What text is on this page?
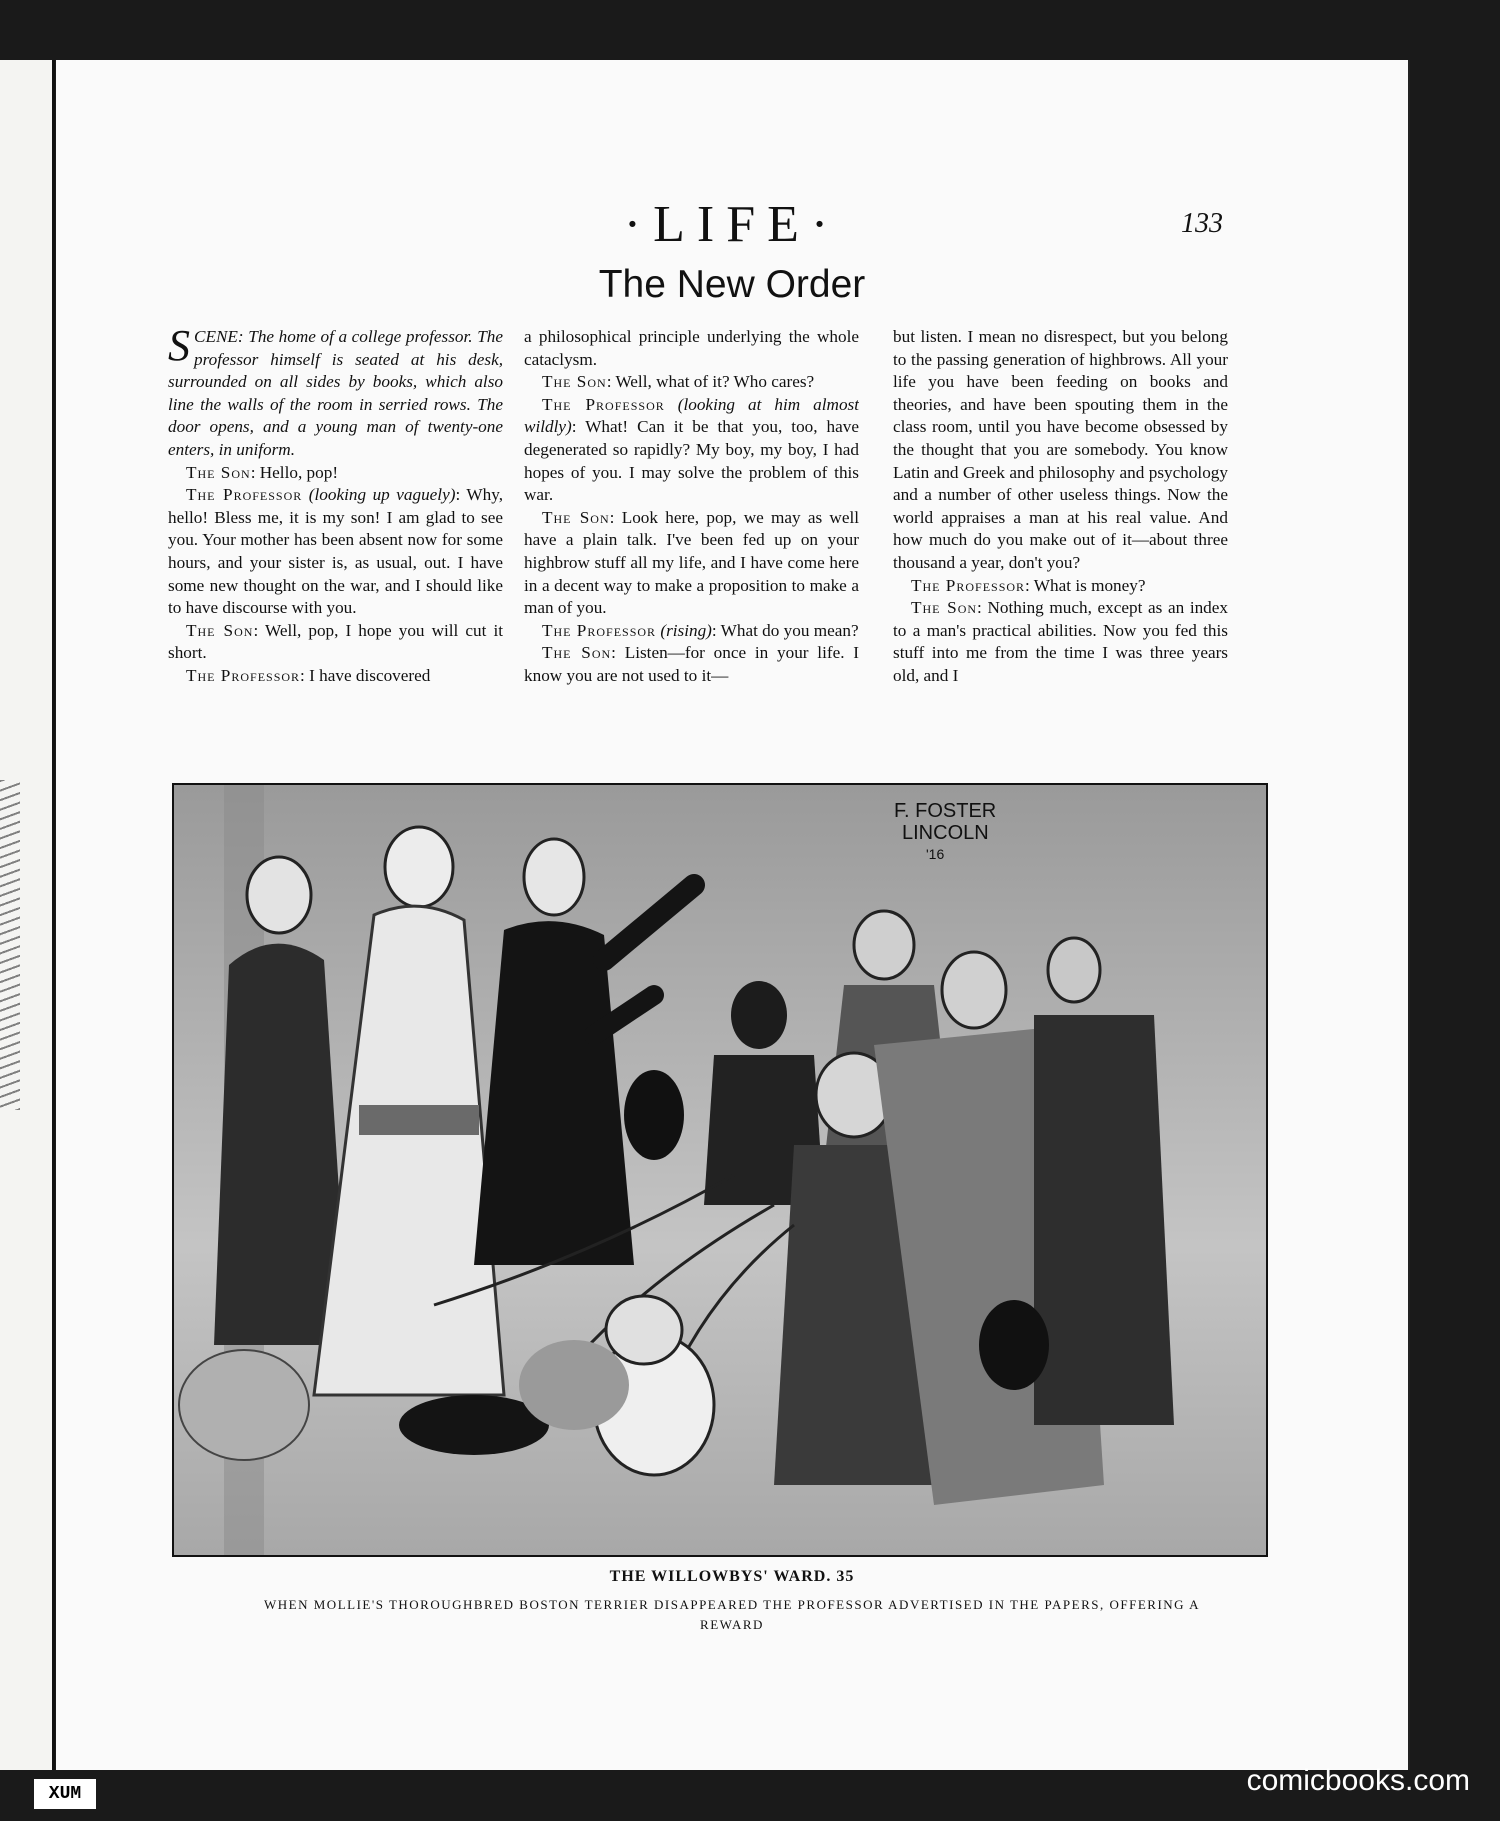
·LIFE·	133
The New Order

SCENE: The home of a college professor. The professor himself is seated at his desk, surrounded on all sides by books, which also line the walls of the room in serried rows. The door opens, and a young man of twenty-one enters, in uniform.

The Son: Hello, pop!

The Professor (looking up vaguely): Why, hello! Bless me, it is my son! I am glad to see you. Your mother has been absent now for some hours, and your sister is, as usual, out. I have some new thought on the war, and I should like to have discourse with you.

The Son: Well, pop, I hope you will cut it short.

The Professor: I have discovered

a philosophical principle underlying the whole cataclysm.

The Son: Well, what of it? Who cares?

The Professor (looking at him almost wildly): What! Can it be that you, too, have degenerated so rapidly? My boy, my boy, I had hopes of you. I may solve the problem of this war.

The Son: Look here, pop, we may as well have a plain talk. I've been fed up on your highbrow stuff all my life, and I have come here in a decent way to make a proposition to make a man of you.

The Professor (rising): What do you mean?

The Son: Listen—for once in your life. I know you are not used to it—

but listen. I mean no disrespect, but you belong to the passing generation of highbrows. All your life you have been feeding on books and theories, and have been spouting them in the class room, until you have become obsessed by the thought that you are somebody. You know Latin and Greek and philosophy and psychology and a number of other useless things. Now the world appraises a man at his real value. And how much do you make out of it—about three thousand a year, don't you?

The Professor: What is money?

The Son: Nothing much, except as an index to a man's practical abilities. Now you fed this stuff into me from the time I was three years old, and I

F. FOSTER
LINCOLN
'16
THE WILLOWBYS' WARD. 35
WHEN MOLLIE'S THOROUGHBRED BOSTON TERRIER DISAPPEARED THE PROFESSOR ADVERTISED IN THE PAPERS, OFFERING A REWARD
XUM	comicbooks.com
